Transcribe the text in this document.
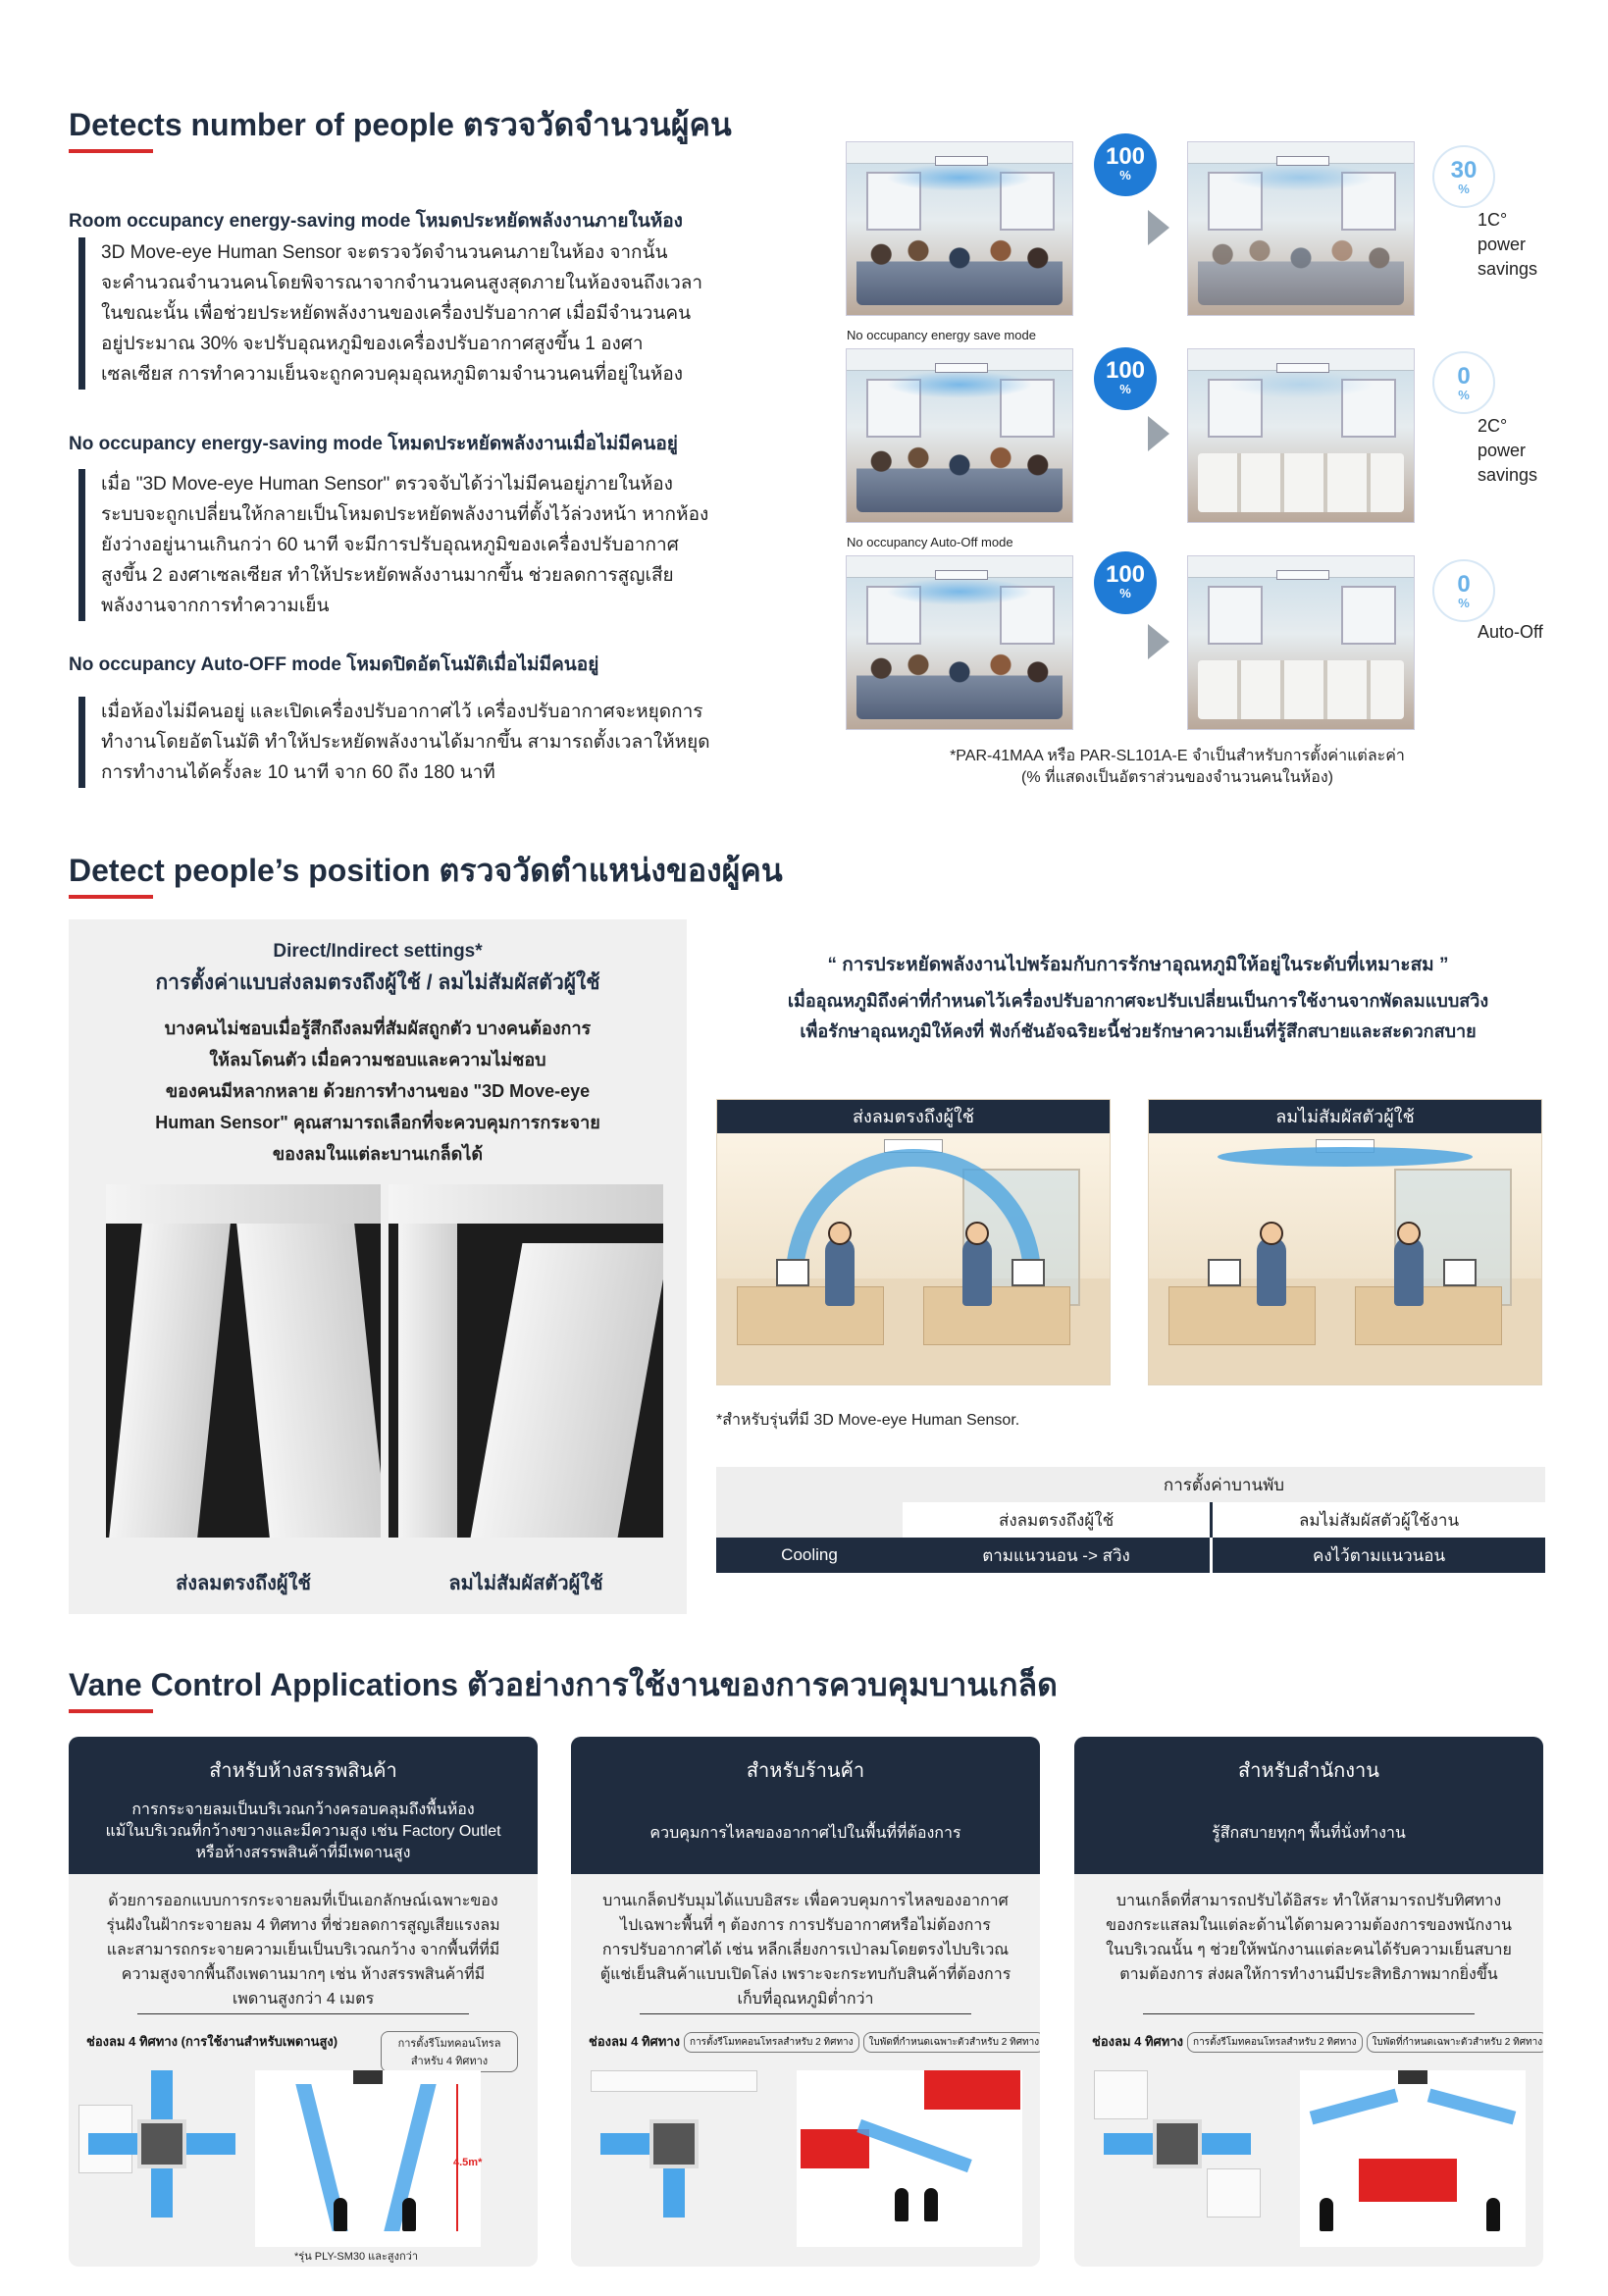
Detects number of people ตรวจวัดจำนวนผู้คน
Room occupancy energy-saving mode โหมดประหยัดพลังงานภายในห้อง
3D Move-eye Human Sensor จะตรวจวัดจำนวนคนภายในห้อง จากนั้น
จะคำนวณจำนวนคนโดยพิจารณาจากจำนวนคนสูงสุดภายในห้องจนถึงเวลา
ในขณะนั้น เพื่อช่วยประหยัดพลังงานของเครื่องปรับอากาศ เมื่อมีจำนวนคน
อยู่ประมาณ 30% จะปรับอุณหภูมิของเครื่องปรับอากาศสูงขึ้น 1 องศา
เซลเซียส การทำความเย็นจะถูกควบคุมอุณหภูมิตามจำนวนคนที่อยู่ในห้อง
No occupancy energy-saving mode โหมดประหยัดพลังงานเมื่อไม่มีคนอยู่
เมื่อ "3D Move-eye Human Sensor" ตรวจจับได้ว่าไม่มีคนอยู่ภายในห้อง
ระบบจะถูกเปลี่ยนให้กลายเป็นโหมดประหยัดพลังงานที่ตั้งไว้ล่วงหน้า หากห้อง
ยังว่างอยู่นานเกินกว่า 60 นาที จะมีการปรับอุณหภูมิของเครื่องปรับอากาศ
สูงขึ้น 2 องศาเซลเซียส ทำให้ประหยัดพลังงานมากขึ้น ช่วยลดการสูญเสีย
พลังงานจากการทำความเย็น
No occupancy Auto-OFF mode โหมดปิดอัตโนมัติเมื่อไม่มีคนอยู่
เมื่อห้องไม่มีคนอยู่ และเปิดเครื่องปรับอากาศไว้ เครื่องปรับอากาศจะหยุดการ
ทำงานโดยอัตโนมัติ ทำให้ประหยัดพลังงานได้มากขึ้น สามารถตั้งเวลาให้หยุด
การทำงานได้ครั้งละ 10 นาที จาก 60 ถึง 180 นาที
100
%	30
%
1C°
power
savings
No occupancy energy save mode
100
%	0
%
2C°
power
savings
No occupancy Auto-Off mode
100
%	0
%
Auto-Off
*PAR-41MAA หรือ PAR-SL101A-E จำเป็นสำหรับการตั้งค่าแต่ละค่า
(% ที่แสดงเป็นอัตราส่วนของจำนวนคนในห้อง)
Detect people’s position ตรวจวัดตำแหน่งของผู้คน
Direct/Indirect settings*
การตั้งค่าแบบส่งลมตรงถึงผู้ใช้ / ลมไม่สัมผัสตัวผู้ใช้
บางคนไม่ชอบเมื่อรู้สึกถึงลมที่สัมผัสถูกตัว บางคนต้องการ
ให้ลมโดนตัว เมื่อความชอบและความไม่ชอบ
ของคนมีหลากหลาย ด้วยการทำงานของ "3D Move-eye
Human Sensor" คุณสามารถเลือกที่จะควบคุมการกระจาย
ของลมในแต่ละบานเกล็ดได้
ส่งลมตรงถึงผู้ใช้	ลมไม่สัมผัสตัวผู้ใช้
“ การประหยัดพลังงานไปพร้อมกับการรักษาอุณหภูมิให้อยู่ในระดับที่เหมาะสม ”
เมื่ออุณหภูมิถึงค่าที่กำหนดไว้เครื่องปรับอากาศจะปรับเปลี่ยนเป็นการใช้งานจากพัดลมแบบสวิง
เพื่อรักษาอุณหภูมิให้คงที่ ฟังก์ชันอัจฉริยะนี้ช่วยรักษาความเย็นที่รู้สึกสบายและสะดวกสบาย
ส่งลมตรงถึงผู้ใช้	ลมไม่สัมผัสตัวผู้ใช้
*สำหรับรุ่นที่มี 3D Move-eye Human Sensor.
	การตั้งค่าบานพับ	
	ส่งลมตรงถึงผู้ใช้	ลมไม่สัมผัสตัวผู้ใช้งาน
Cooling	ตามแนวนอน -> สวิง	คงไว้ตามแนวนอน
Vane Control Applications ตัวอย่างการใช้งานของการควบคุมบานเกล็ด
สำหรับห้างสรรพสินค้า
การกระจายลมเป็นบริเวณกว้างครอบคลุมถึงพื้นห้อง
แม้ในบริเวณที่กว้างขวางและมีความสูง เช่น Factory Outlet
หรือห้างสรรพสินค้าที่มีเพดานสูง
ด้วยการออกแบบการกระจายลมที่เป็นเอกลักษณ์เฉพาะของ
รุ่นฝังในฝ้ากระจายลม 4 ทิศทาง ที่ช่วยลดการสูญเสียแรงลม
และสามารถกระจายความเย็นเป็นบริเวณกว้าง จากพื้นที่ที่มี
ความสูงจากพื้นถึงเพดานมากๆ เช่น ห้างสรรพสินค้าที่มี
เพดานสูงกว่า 4 เมตร
ช่องลม 4 ทิศทาง (การใช้งานสำหรับเพดานสูง)	การตั้งรีโมทคอนโทรลสำหรับ 4 ทิศทาง
4.5m*
*รุ่น PLY-SM30 และสูงกว่า
สำหรับร้านค้า
ควบคุมการไหลของอากาศไปในพื้นที่ที่ต้องการ
บานเกล็ดปรับมุมได้แบบอิสระ เพื่อควบคุมการไหลของอากาศ
ไปเฉพาะพื้นที่ ๆ ต้องการ การปรับอากาศหรือไม่ต้องการ
การปรับอากาศได้ เช่น หลีกเลี่ยงการเป่าลมโดยตรงไปบริเวณ
ตู้แช่เย็นสินค้าแบบเปิดโล่ง เพราะจะกระทบกับสินค้าที่ต้องการ
เก็บที่อุณหภูมิต่ำกว่า
ช่องลม 4 ทิศทาง การตั้งรีโมทคอนโทรลสำหรับ 2 ทิศทาง ใบพัดที่กำหนดเฉพาะตัวสำหรับ 2 ทิศทาง
สำหรับสำนักงาน
รู้สึกสบายทุกๆ พื้นที่นั่งทำงาน
บานเกล็ดที่สามารถปรับได้อิสระ ทำให้สามารถปรับทิศทาง
ของกระแสลมในแต่ละด้านได้ตามความต้องการของพนักงาน
ในบริเวณนั้น ๆ ช่วยให้พนักงานแต่ละคนได้รับความเย็นสบาย
ตามต้องการ ส่งผลให้การทำงานมีประสิทธิภาพมากยิ่งขึ้น
ช่องลม 4 ทิศทาง การตั้งรีโมทคอนโทรลสำหรับ 2 ทิศทาง ใบพัดที่กำหนดเฉพาะตัวสำหรับ 2 ทิศทาง
